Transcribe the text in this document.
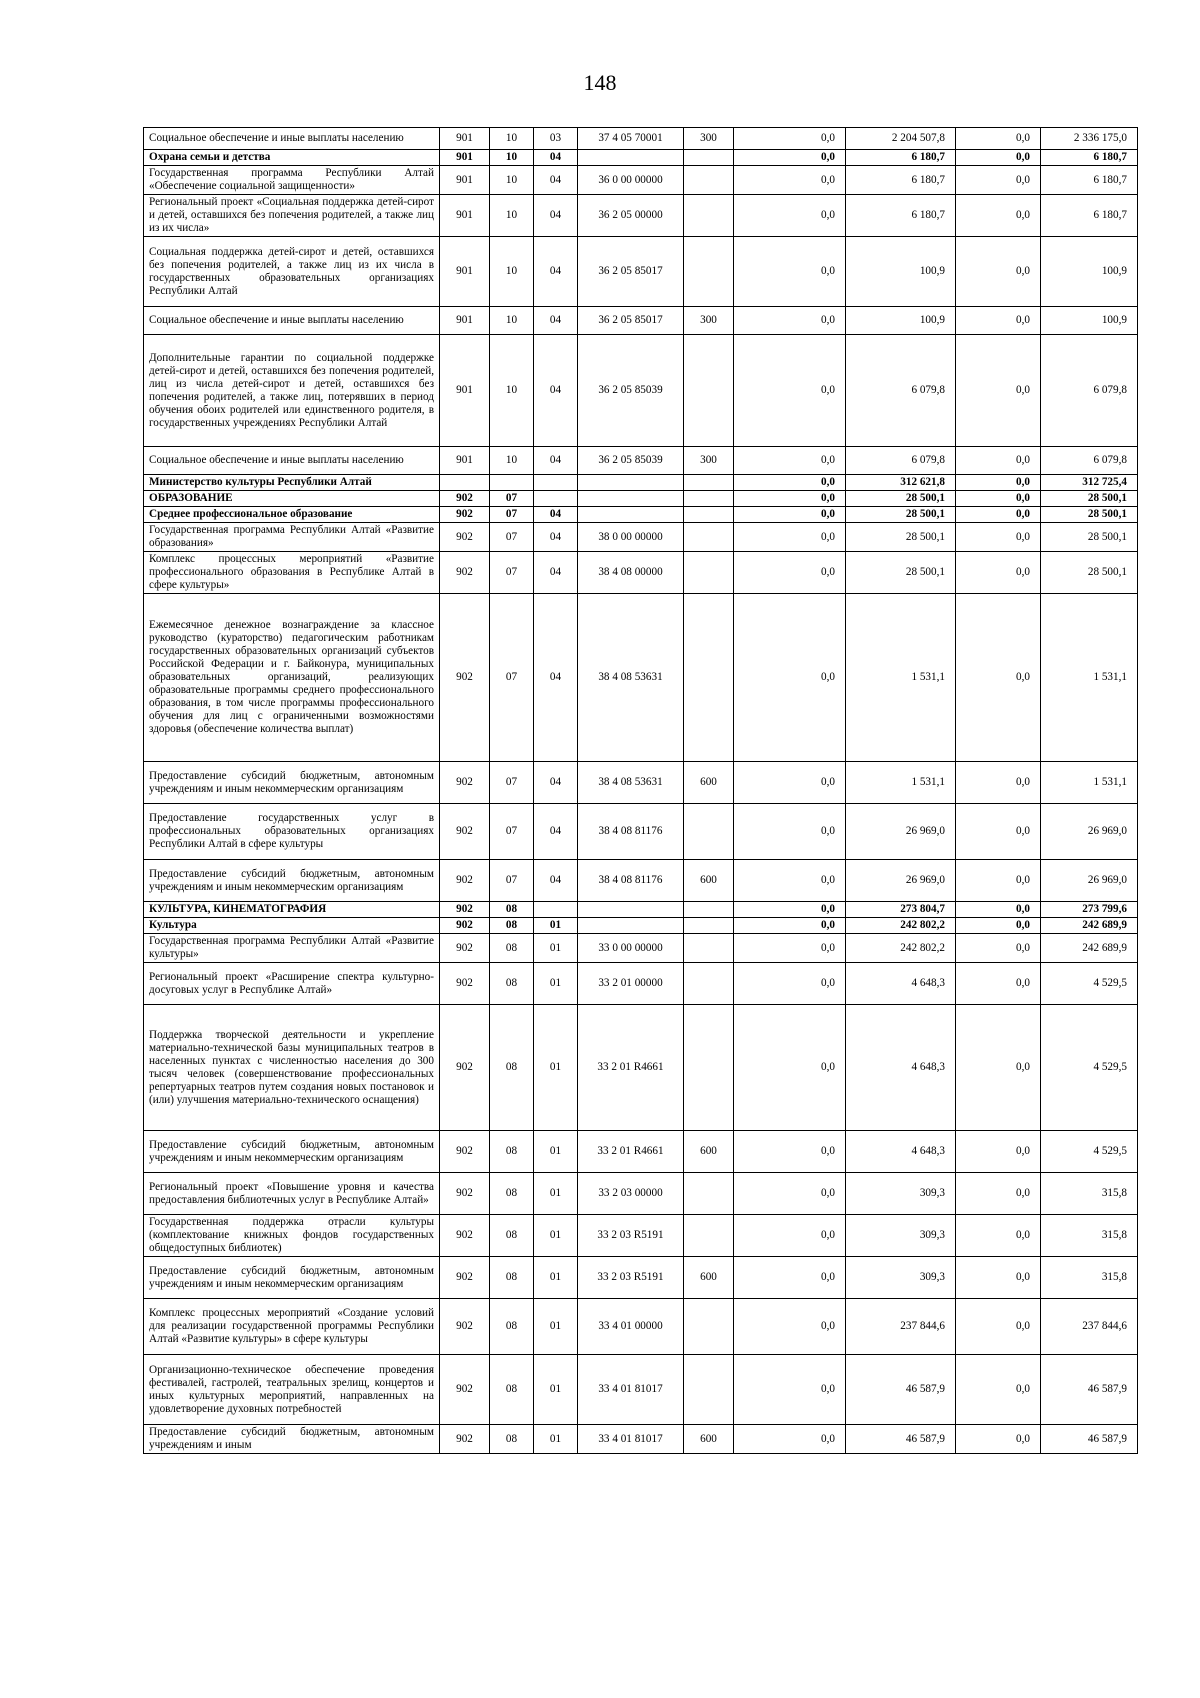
148
Социальное обеспечение и иные выплаты населению	901	10	03	37 4 05 70001	300	0,0	2 204 507,8	0,0	2 336 175,0
Охрана семьи и детства	901	10	04			0,0	6 180,7	0,0	6 180,7
Государственная программа Республики Алтай «Обеспечение социальной защищенности»	901	10	04	36 0 00 00000		0,0	6 180,7	0,0	6 180,7
Региональный проект «Социальная поддержка детей-сирот и детей, оставшихся без попечения родителей, а также лиц из их числа»	901	10	04	36 2 05 00000		0,0	6 180,7	0,0	6 180,7
Социальная поддержка детей-сирот и детей, оставшихся без попечения родителей, а также лиц из их числа в государственных образовательных организациях Республики Алтай	901	10	04	36 2 05 85017		0,0	100,9	0,0	100,9
Социальное обеспечение и иные выплаты населению	901	10	04	36 2 05 85017	300	0,0	100,9	0,0	100,9
Дополнительные гарантии по социальной поддержке детей-сирот и детей, оставшихся без попечения родителей, лиц из числа детей-сирот и детей, оставшихся без попечения родителей, а также лиц, потерявших в период обучения обоих родителей или единственного родителя, в государственных учреждениях Республики Алтай	901	10	04	36 2 05 85039		0,0	6 079,8	0,0	6 079,8
Социальное обеспечение и иные выплаты населению	901	10	04	36 2 05 85039	300	0,0	6 079,8	0,0	6 079,8
Министерство культуры Республики Алтай						0,0	312 621,8	0,0	312 725,4
ОБРАЗОВАНИЕ	902	07				0,0	28 500,1	0,0	28 500,1
Среднее профессиональное образование	902	07	04			0,0	28 500,1	0,0	28 500,1
Государственная программа Республики Алтай «Развитие образования»	902	07	04	38 0 00 00000		0,0	28 500,1	0,0	28 500,1
Комплекс процессных мероприятий «Развитие профессионального образования в Республике Алтай в сфере культуры»	902	07	04	38 4 08 00000		0,0	28 500,1	0,0	28 500,1
Ежемесячное денежное вознаграждение за классное руководство (кураторство) педагогическим работникам государственных образовательных организаций субъектов Российской Федерации и г. Байконура, муниципальных образовательных организаций, реализующих образовательные программы среднего профессионального образования, в том числе программы профессионального обучения для лиц с ограниченными возможностями здоровья (обеспечение количества выплат)	902	07	04	38 4 08 53631		0,0	1 531,1	0,0	1 531,1
Предоставление субсидий бюджетным, автономным учреждениям и иным некоммерческим организациям	902	07	04	38 4 08 53631	600	0,0	1 531,1	0,0	1 531,1
Предоставление государственных услуг в профессиональных образовательных организациях Республики Алтай в сфере культуры	902	07	04	38 4 08 81176		0,0	26 969,0	0,0	26 969,0
Предоставление субсидий бюджетным, автономным учреждениям и иным некоммерческим организациям	902	07	04	38 4 08 81176	600	0,0	26 969,0	0,0	26 969,0
КУЛЬТУРА, КИНЕМАТОГРАФИЯ	902	08				0,0	273 804,7	0,0	273 799,6
Культура	902	08	01			0,0	242 802,2	0,0	242 689,9
Государственная программа Республики Алтай «Развитие культуры»	902	08	01	33 0 00 00000		0,0	242 802,2	0,0	242 689,9
Региональный проект «Расширение спектра культурно-досуговых услуг в Республике Алтай»	902	08	01	33 2 01 00000		0,0	4 648,3	0,0	4 529,5
Поддержка творческой деятельности и укрепление материально-технической базы муниципальных театров в населенных пунктах с численностью населения до 300 тысяч человек (совершенствование профессиональных репертуарных театров путем создания новых постановок и (или) улучшения материально-технического оснащения)	902	08	01	33 2 01 R4661		0,0	4 648,3	0,0	4 529,5
Предоставление субсидий бюджетным, автономным учреждениям и иным некоммерческим организациям	902	08	01	33 2 01 R4661	600	0,0	4 648,3	0,0	4 529,5
Региональный проект «Повышение уровня и качества предоставления библиотечных услуг в Республике Алтай»	902	08	01	33 2 03 00000		0,0	309,3	0,0	315,8
Государственная поддержка отрасли культуры (комплектование книжных фондов государственных общедоступных библиотек)	902	08	01	33 2 03 R5191		0,0	309,3	0,0	315,8
Предоставление субсидий бюджетным, автономным учреждениям и иным некоммерческим организациям	902	08	01	33 2 03 R5191	600	0,0	309,3	0,0	315,8
Комплекс процессных мероприятий «Создание условий для реализации государственной программы Республики Алтай «Развитие культуры» в сфере культуры	902	08	01	33 4 01 00000		0,0	237 844,6	0,0	237 844,6
Организационно-техническое обеспечение проведения фестивалей, гастролей, театральных зрелищ, концертов и иных культурных мероприятий, направленных на удовлетворение духовных потребностей	902	08	01	33 4 01 81017		0,0	46 587,9	0,0	46 587,9
Предоставление субсидий бюджетным, автономным учреждениям и иным	902	08	01	33 4 01 81017	600	0,0	46 587,9	0,0	46 587,9
